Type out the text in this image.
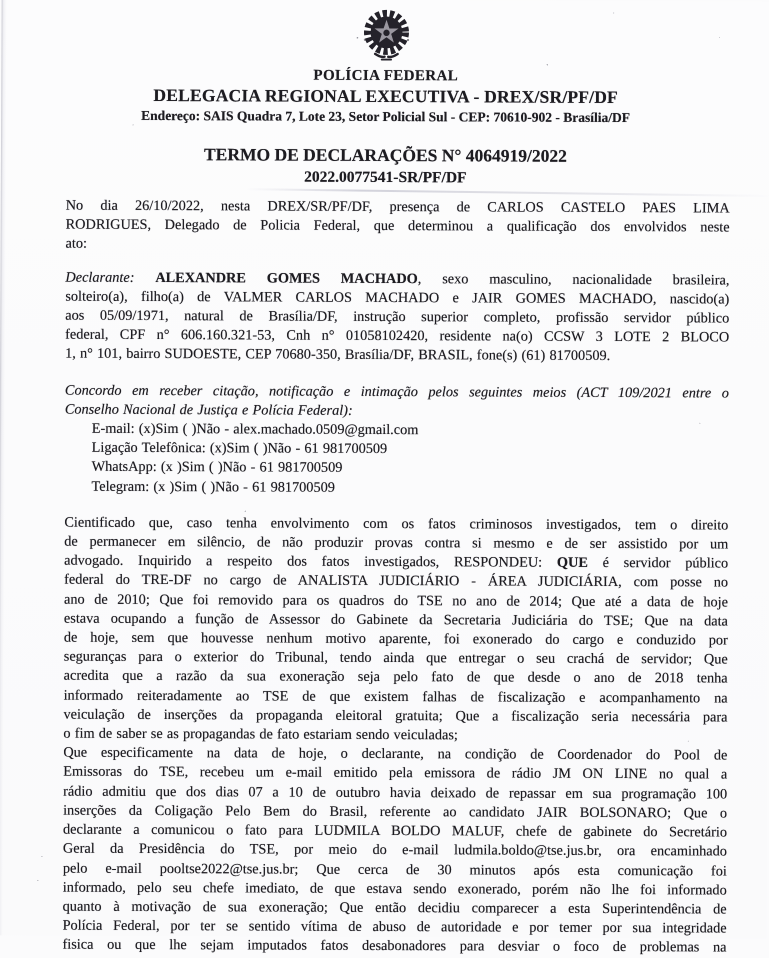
POLÍCIA FEDERAL
DELEGACIA REGIONAL EXECUTIVA - DREX/SR/PF/DF
Endereço: SAIS Quadra 7, Lote 23, Setor Policial Sul - CEP: 70610-902 - Brasília/DF
TERMO DE DECLARAÇÕES N° 4064919/2022
2022.0077541-SR/PF/DF
No dia 26/10/2022, nesta DREX/SR/PF/DF, presença de CARLOS CASTELO PAES LIMA
RODRIGUES, Delegado de Policia Federal, que determinou a qualificação dos envolvidos neste
ato:
Declarante: ALEXANDRE GOMES MACHADO, sexo masculino, nacionalidade brasileira,
solteiro(a), filho(a) de VALMER CARLOS MACHADO e JAIR GOMES MACHADO, nascido(a)
aos 05/09/1971, natural de Brasília/DF, instrução superior completo, profissão servidor público
federal, CPF n° 606.160.321-53, Cnh n° 01058102420, residente na(o) CCSW 3 LOTE 2 BLOCO
1, n° 101, bairro SUDOESTE, CEP 70680-350, Brasília/DF, BRASIL, fone(s) (61) 81700509.
Concordo em receber citação, notificação e intimação pelos seguintes meios (ACT 109/2021 entre o
Conselho Nacional de Justiça e Polícia Federal):
E-mail: (x)Sim ( )Não - alex.machado.0509@gmail.com
Ligação Telefônica: (x)Sim ( )Não - 61 981700509
WhatsApp: (x )Sim ( )Não - 61 981700509
Telegram: (x )Sim ( )Não - 61 981700509
Cientificado que, caso tenha envolvimento com os fatos criminosos investigados, tem o direito
de permanecer em silêncio, de não produzir provas contra si mesmo e de ser assistido por um
advogado. Inquirido a respeito dos fatos investigados, RESPONDEU: QUE é servidor público
federal do TRE-DF no cargo de ANALISTA JUDICIÁRIO - ÁREA JUDICIÁRIA, com posse no
ano de 2010; Que foi removido para os quadros do TSE no ano de 2014; Que até a data de hoje
estava ocupando a função de Assessor do Gabinete da Secretaria Judiciária do TSE; Que na data
de hoje, sem que houvesse nenhum motivo aparente, foi exonerado do cargo e conduzido por
seguranças para o exterior do Tribunal, tendo ainda que entregar o seu crachá de servidor; Que
acredita que a razão da sua exoneração seja pelo fato de que desde o ano de 2018 tenha
informado reiteradamente ao TSE de que existem falhas de fiscalização e acompanhamento na
veiculação de inserções da propaganda eleitoral gratuita; Que a fiscalização seria necessária para
o fim de saber se as propagandas de fato estariam sendo veiculadas;
Que especificamente na data de hoje, o declarante, na condição de Coordenador do Pool de
Emissoras do TSE, recebeu um e-mail emitido pela emissora de rádio JM ON LINE no qual a
rádio admitiu que dos dias 07 a 10 de outubro havia deixado de repassar em sua programação 100
inserções da Coligação Pelo Bem do Brasil, referente ao candidato JAIR BOLSONARO; Que o
declarante a comunicou o fato para LUDMILA BOLDO MALUF, chefe de gabinete do Secretário
Geral da Presidência do TSE, por meio do e-mail ludmila.boldo@tse.jus.br, ora encaminhado
pelo e-mail pooltse2022@tse.jus.br; Que cerca de 30 minutos após esta comunicação foi
informado, pelo seu chefe imediato, de que estava sendo exonerado, porém não lhe foi informado
quanto à motivação de sua exoneração; Que então decidiu comparecer a esta Superintendência de
Polícia Federal, por ter se sentido vítima de abuso de autoridade e por temer por sua integridade
fisica ou que lhe sejam imputados fatos desabonadores para desviar o foco de problemas na
